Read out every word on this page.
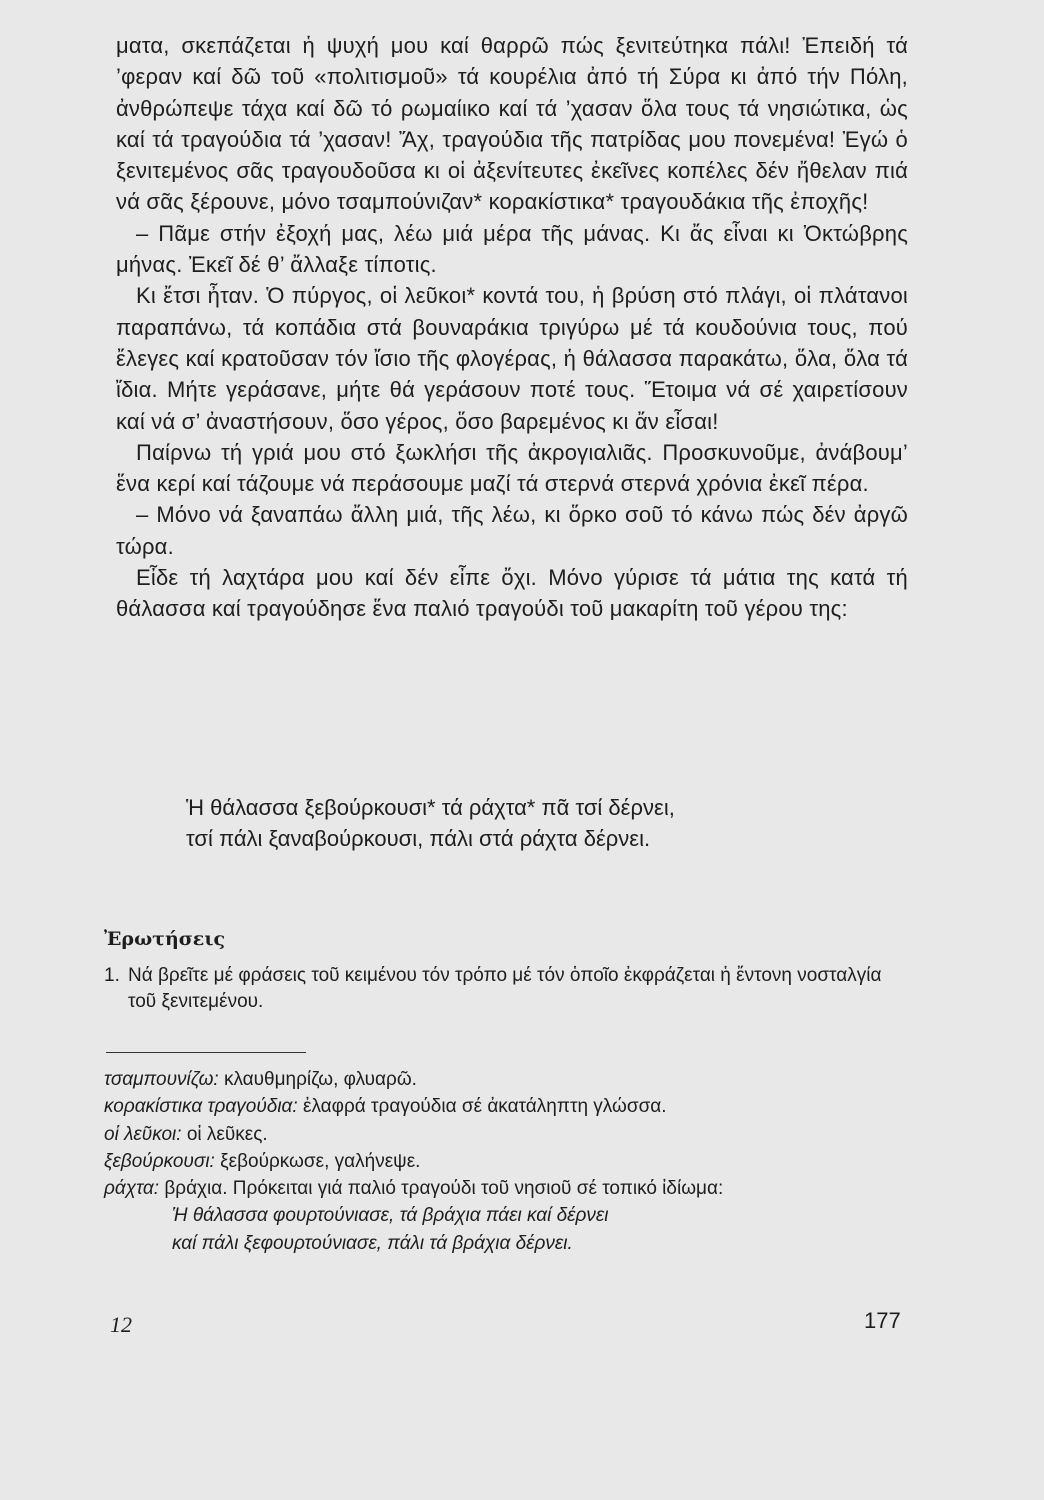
ματα, σκεπάζεται ἡ ψυχή μου καί θαρρῶ πώς ξενιτεύτηκα πάλι! Ἐπειδή τά ’φεραν καί δῶ τοῦ «πολιτισμοῦ» τά κουρέλια ἀπό τή Σύρα κι ἀπό τήν Πόλη, ἀνθρώπεψε τάχα καί δῶ τό ρωμαίικο καί τά ’χασαν ὅλα τους τά νησιώτικα, ὡς καί τά τραγούδια τά ’χασαν! Ἄχ, τραγούδια τῆς πατρίδας μου πονεμένα! Ἐγώ ὁ ξενιτεμένος σᾶς τραγουδοῦσα κι οἱ ἀξενίτευτες ἐκεῖνες κοπέλες δέν ἤθελαν πιά νά σᾶς ξέρουνε, μόνο τσαμπούνιζαν* κορακίστικα* τραγουδάκια τῆς ἐποχῆς!

– Πᾶμε στήν ἐξοχή μας, λέω μιά μέρα τῆς μάνας. Κι ἄς εἶναι κι Ὀκτώβρης μήνας. Ἐκεῖ δέ θ’ ἄλλαξε τίποτις.

Κι ἔτσι ἦταν. Ὁ πύργος, οἱ λεῦκοι* κοντά του, ἡ βρύση στό πλάγι, οἱ πλάτανοι παραπάνω, τά κοπάδια στά βουναράκια τριγύρω μέ τά κουδούνια τους, πού ἔλεγες καί κρατοῦσαν τόν ἴσιο τῆς φλογέρας, ἡ θάλασσα παρακάτω, ὅλα, ὅλα τά ἴδια. Μήτε γεράσανε, μήτε θά γεράσουν ποτέ τους. Ἕτοιμα νά σέ χαιρετίσουν καί νά σ’ ἀναστήσουν, ὅσο γέρος, ὅσο βαρεμένος κι ἄν εἶσαι!

Παίρνω τή γριά μου στό ξωκλήσι τῆς ἀκρογιαλιᾶς. Προσκυνοῦμε, ἀνάβουμ’ ἕνα κερί καί τάζουμε νά περάσουμε μαζί τά στερνά στερνά χρόνια ἐκεῖ πέρα.

– Μόνο νά ξαναπάω ἄλλη μιά, τῆς λέω, κι ὅρκο σοῦ τό κάνω πώς δέν ἀργῶ τώρα.

Εἶδε τή λαχτάρα μου καί δέν εἶπε ὄχι. Μόνο γύρισε τά μάτια της κατά τή θάλασσα καί τραγούδησε ἕνα παλιό τραγούδι τοῦ μακαρίτη τοῦ γέρου της:

Ἡ θάλασσα ξεβούρκουσι* τά ράχτα* πᾶ τσί δέρνει,

τσί πάλι ξαναβούρκουσι, πάλι στά ράχτα δέρνει.

Ἐρωτήσεις
1. Νά βρεῖτε μέ φράσεις τοῦ κειμένου τόν τρόπο μέ τόν ὁποῖο ἐκφράζεται ἡ ἔντονη νοσταλγία τοῦ ξενιτεμένου.

τσαμπουνίζω: κλαυθμηρίζω, φλυαρῶ.

κορακίστικα τραγούδια: ἐλαφρά τραγούδια σέ ἀκατάληπτη γλώσσα.

οἱ λεῦκοι: οἱ λεῦκες.

ξεβούρκουσι: ξεβούρκωσε, γαλήνεψε.

ράχτα: βράχια. Πρόκειται γιά παλιό τραγούδι τοῦ νησιοῦ σέ τοπικό ἰδίωμα:

Ἡ θάλασσα φουρτούνιασε, τά βράχια πάει καί δέρνει

καί πάλι ξεφουρτούνιασε, πάλι τά βράχια δέρνει.

12	177
